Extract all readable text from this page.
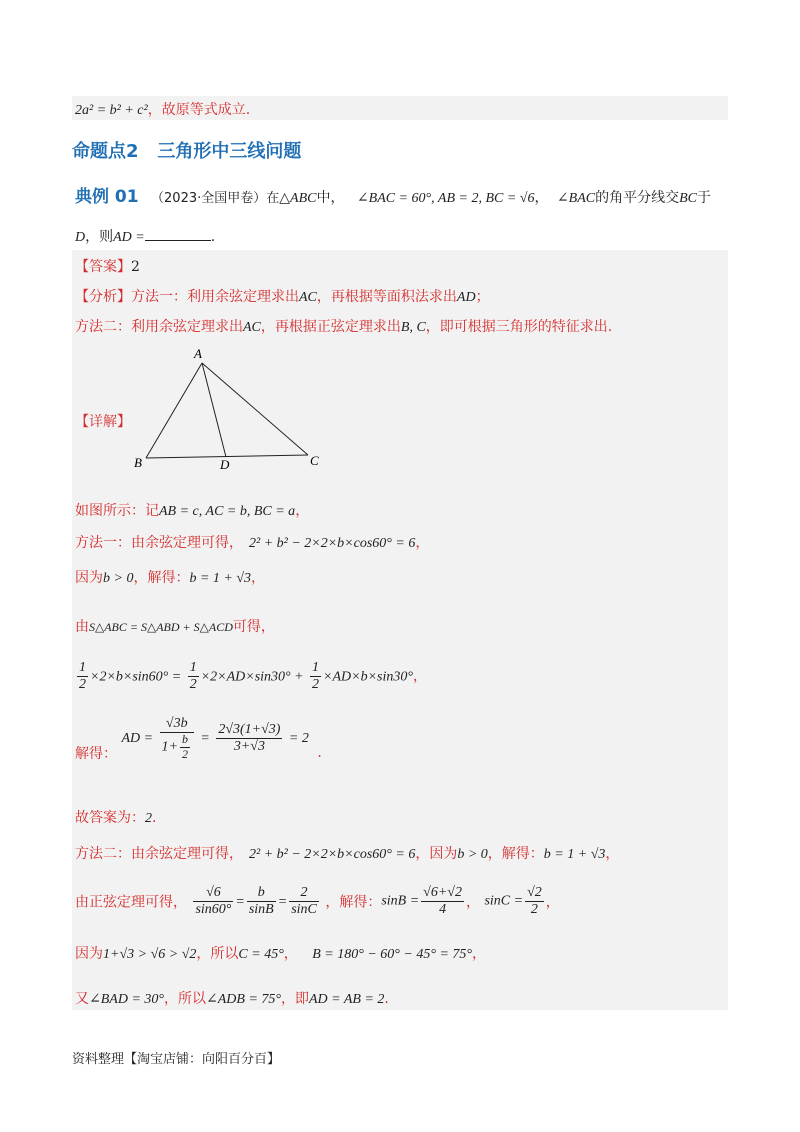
2a² = b² + c²，故原等式成立.
命题点2   三角形中三线问题
典例 01 （2023·全国甲卷）在△ABC中， ∠BAC = 60°, AB = 2, BC = √6， ∠BAC的角平分线交BC于
D，则AD =	.
【答案】2
【分析】方法一：利用余弦定理求出AC，再根据等面积法求出AD；
方法二：利用余弦定理求出AC，再根据正弦定理求出B, C，即可根据三角形的特征求出.
A
B	C
D
【详解】
如图所示：记AB = c, AC = b, BC = a，
方法一：由余弦定理可得， 2² + b² − 2×2×b×cos60° = 6，
因为b > 0，解得：b = 1 + √3，
由S△ABC = S△ABD + S△ACD可得，
$\frac{1}{2} \times 2\times b\times\sin 60^\circ = \frac{1}{2} \times 2\times AD\times\sin 30^\circ + \frac{1}{2} \times AD\times b\times\sin 30^\circ$，
解得： AD = $\frac{√3b}{1+ \frac{b}{2}} = \frac{2√3(1+√3)}{3+√3} = 2$ .
故答案为：2.
方法二：由余弦定理可得， 2² + b² − 2×2×b×cos60° = 6，因为b > 0，解得：b = 1 + √3，
由正弦定理可得， $\frac{√6}{\sin 60^\circ} = \frac{b}{\sin B} = \frac{2}{\sin C}$ ，解得：$\sin B = \frac{√6+√2}{4}$ ， $\sin C = \frac{√2}{2}$ ，
因为1+√3 > √6 > √2，所以C = 45°， B = 180° − 60° − 45° = 75°，
又∠BAD = 30°，所以∠ADB = 75°，即AD = AB = 2.
资料整理【淘宝店铺：向阳百分百】
